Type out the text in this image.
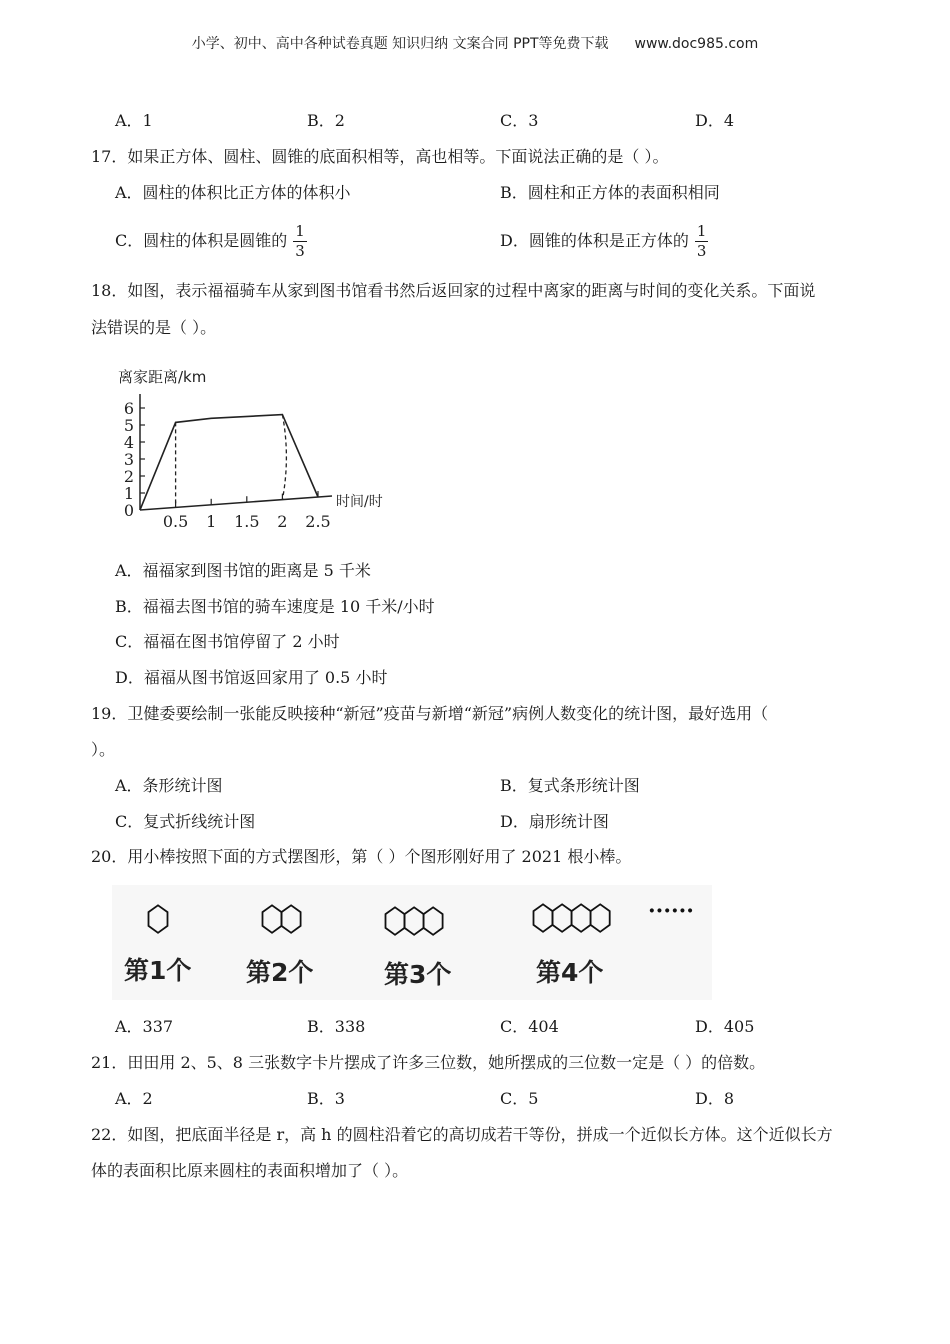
小学、初中、高中各种试卷真题 知识归纳 文案合同 PPT等免费下载 www.doc985.com
A．1	B．2	C．3	D．4
17．如果正方体、圆柱、圆锥的底面积相等，高也相等。下面说法正确的是（ ）。
A．圆柱的体积比正方体的体积小	B．圆柱和正方体的表面积相同
C．圆柱的体积是圆锥的 $\frac{1}{3}$	D．圆锥的体积是正方体的 $\frac{1}{3}$
18．如图，表示福福骑车从家到图书馆看书然后返回家的过程中离家的距离与时间的变化关系。下面说
法错误的是（ ）。
离家距离/km
1
2
3
4
5
6
0.5 1 1.5 2 2.5
0	时间/时
A．福福家到图书馆的距离是 5 千米
B．福福去图书馆的骑车速度是 10 千米/小时
C．福福在图书馆停留了 2 小时
D．福福从图书馆返回家用了 0.5 小时
19．卫健委要绘制一张能反映接种“新冠”疫苗与新增“新冠”病例人数变化的统计图，最好选用（
）。
A．条形统计图	B．复式条形统计图
C．复式折线统计图	D．扇形统计图
20．用小棒按照下面的方式摆图形，第（ ）个图形刚好用了 2021 根小棒。
······
第1个 第2个	第3个	第4个
A．337	B．338	C．404	D．405
21．田田用 2、5、8 三张数字卡片摆成了许多三位数，她所摆成的三位数一定是（ ）的倍数。
A．2	B．3	C．5	D．8
22．如图，把底面半径是 r，高 h 的圆柱沿着它的高切成若干等份，拼成一个近似长方体。这个近似长方
体的表面积比原来圆柱的表面积增加了（ ）。
